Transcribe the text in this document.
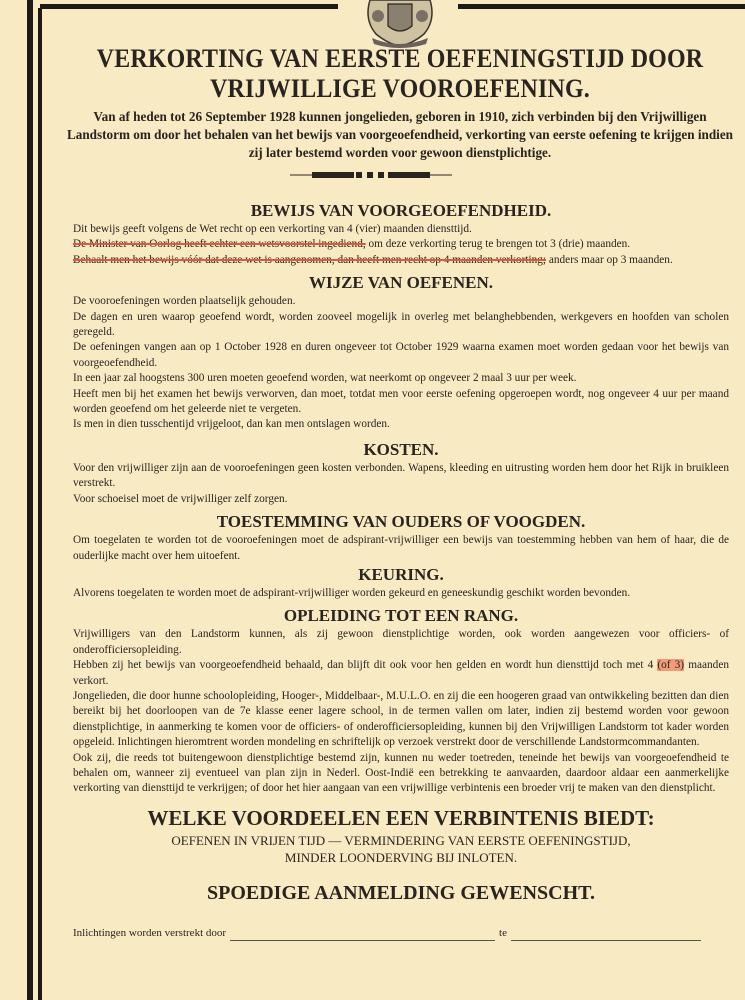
VERKORTING VAN EERSTE OEFENINGSTIJD DOOR
VRIJWILLIGE VOOROEFENING.
Van af heden tot 26 September 1928 kunnen jongelieden, geboren in 1910, zich verbinden bij den Vrijwilligen Landstorm om door het behalen van het bewijs van voorgeoefendheid, verkorting van eerste oefening te krijgen indien zij later bestemd worden voor gewoon dienstplichtige.
BEWIJS VAN VOORGEOEFENDHEID.

Dit bewijs geeft volgens de Wet recht op een verkorting van 4 (vier) maanden diensttijd.

De Minister van Oorlog heeft echter een wetsvoorstel ingediend, om deze verkorting terug te brengen tot 3 (drie) maanden.

Behaalt men het bewijs vóór dat deze wet is aangenomen, dan heeft men recht op 4 maanden verkorting; anders maar op 3 maanden.

WIJZE VAN OEFENEN.

De vooroefeningen worden plaatselijk gehouden.

De dagen en uren waarop geoefend wordt, worden zooveel mogelijk in overleg met belanghebbenden, werkgevers en hoofden van scholen geregeld.

De oefeningen vangen aan op 1 October 1928 en duren ongeveer tot October 1929 waarna examen moet worden gedaan voor het bewijs van voorgeoefendheid.

In een jaar zal hoogstens 300 uren moeten geoefend worden, wat neerkomt op ongeveer 2 maal 3 uur per week.

Heeft men bij het examen het bewijs verworven, dan moet, totdat men voor eerste oefening opgeroepen wordt, nog ongeveer 4 uur per maand worden geoefend om het geleerde niet te vergeten.

Is men in dien tusschentijd vrijgeloot, dan kan men ontslagen worden.

KOSTEN.

Voor den vrijwilliger zijn aan de vooroefeningen geen kosten verbonden. Wapens, kleeding en uitrusting worden hem door het Rijk in bruikleen verstrekt.

Voor schoeisel moet de vrijwilliger zelf zorgen.

TOESTEMMING VAN OUDERS OF VOOGDEN.

Om toegelaten te worden tot de vooroefeningen moet de adspirant-vrijwilliger een bewijs van toestemming hebben van hem of haar, die de ouderlijke macht over hem uitoefent.

KEURING.

Alvorens toegelaten te worden moet de adspirant-vrijwilliger worden gekeurd en geneeskundig geschikt worden bevonden.

OPLEIDING TOT EEN RANG.

Vrijwilligers van den Landstorm kunnen, als zij gewoon dienstplichtige worden, ook worden aangewezen voor officiers- of onderofficiersopleiding.

Hebben zij het bewijs van voorgeoefendheid behaald, dan blijft dit ook voor hen gelden en wordt hun diensttijd toch met 4 (of 3) maanden verkort.

Jongelieden, die door hunne schoolopleiding, Hooger-, Middelbaar-, M.U.L.O. en zij die een hoogeren graad van ontwikkeling bezitten dan dien bereikt bij het doorloopen van de 7e klasse eener lagere school, in de termen vallen om later, indien zij bestemd worden voor gewoon dienstplichtige, in aanmerking te komen voor de officiers- of onderofficiersopleiding, kunnen bij den Vrijwilligen Landstorm tot kader worden opgeleid. Inlichtingen hieromtrent worden mondeling en schriftelijk op verzoek verstrekt door de verschillende Landstormcommandanten.

Ook zij, die reeds tot buitengewoon dienstplichtige bestemd zijn, kunnen nu weder toetreden, teneinde het bewijs van voorgeoefendheid te behalen om, wanneer zij eventueel van plan zijn in Nederl. Oost-Indië een betrekking te aanvaarden, daardoor aldaar een aanmerkelijke verkorting van diensttijd te verkrijgen; of door het hier aangaan van een vrijwillige verbintenis een broeder vrij te maken van den dienstplicht.

WELKE VOORDEELEN EEN VERBINTENIS BIEDT:
OEFENEN IN VRIJEN TIJD — VERMINDERING VAN EERSTE OEFENINGSTIJD,
MINDER LOONDERVING BIJ INLOTEN.
SPOEDIGE AANMELDING GEWENSCHT.
Inlichtingen worden verstrekt door	te
